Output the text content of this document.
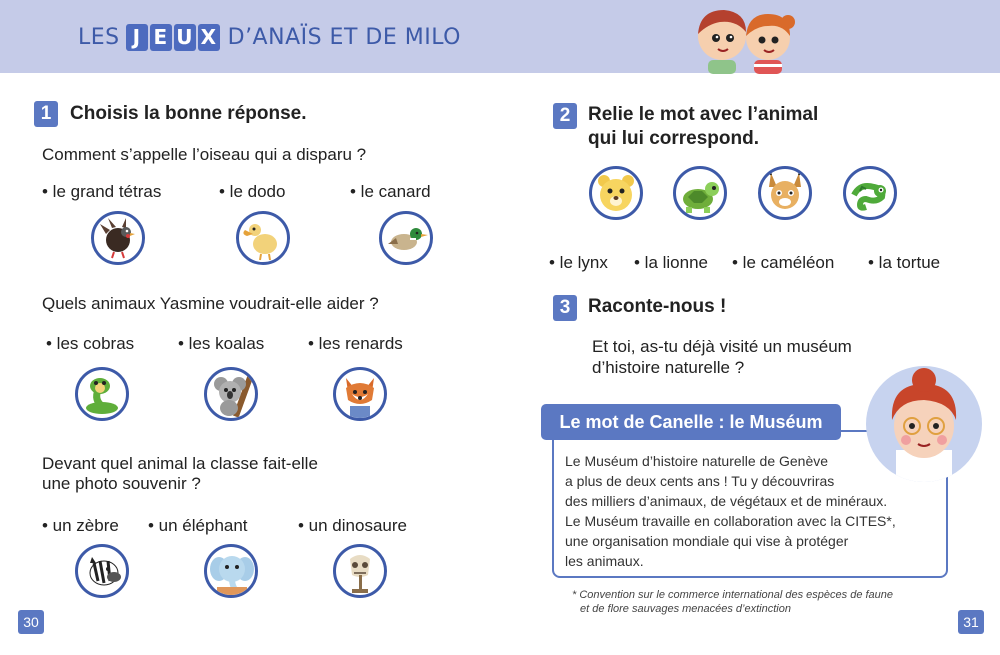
LES J E U X D’ANAÏS ET DE MILO
1 Choisis la bonne réponse.
Comment s’appelle l’oiseau qui a disparu ?
• le grand tétras	• le dodo	• le canard
Quels animaux Yasmine voudrait-elle aider ?
• les cobras	• les koalas	• les renards
Devant quel animal la classe fait-elle
une photo souvenir ?
• un zèbre • un éléphant	• un dinosaure
2 Relie le mot avec l’animal
qui lui correspond.
• le lynx • la lionne • le caméléon • la tortue
3 Raconte-nous !
Et toi, as-tu déjà visité un muséum
d’histoire naturelle ?
Le Muséum d’histoire naturelle de Genève
a plus de deux cents ans ! Tu y découvriras
des milliers d’animaux, de végétaux et de minéraux.
Le Muséum travaille en collaboration avec la CITES*,
une organisation mondiale qui vise à protéger
les animaux.
Le mot de Canelle : le Muséum
* Convention sur le commerce international des espèces de faune
et de flore sauvages menacées d’extinction
30	31
